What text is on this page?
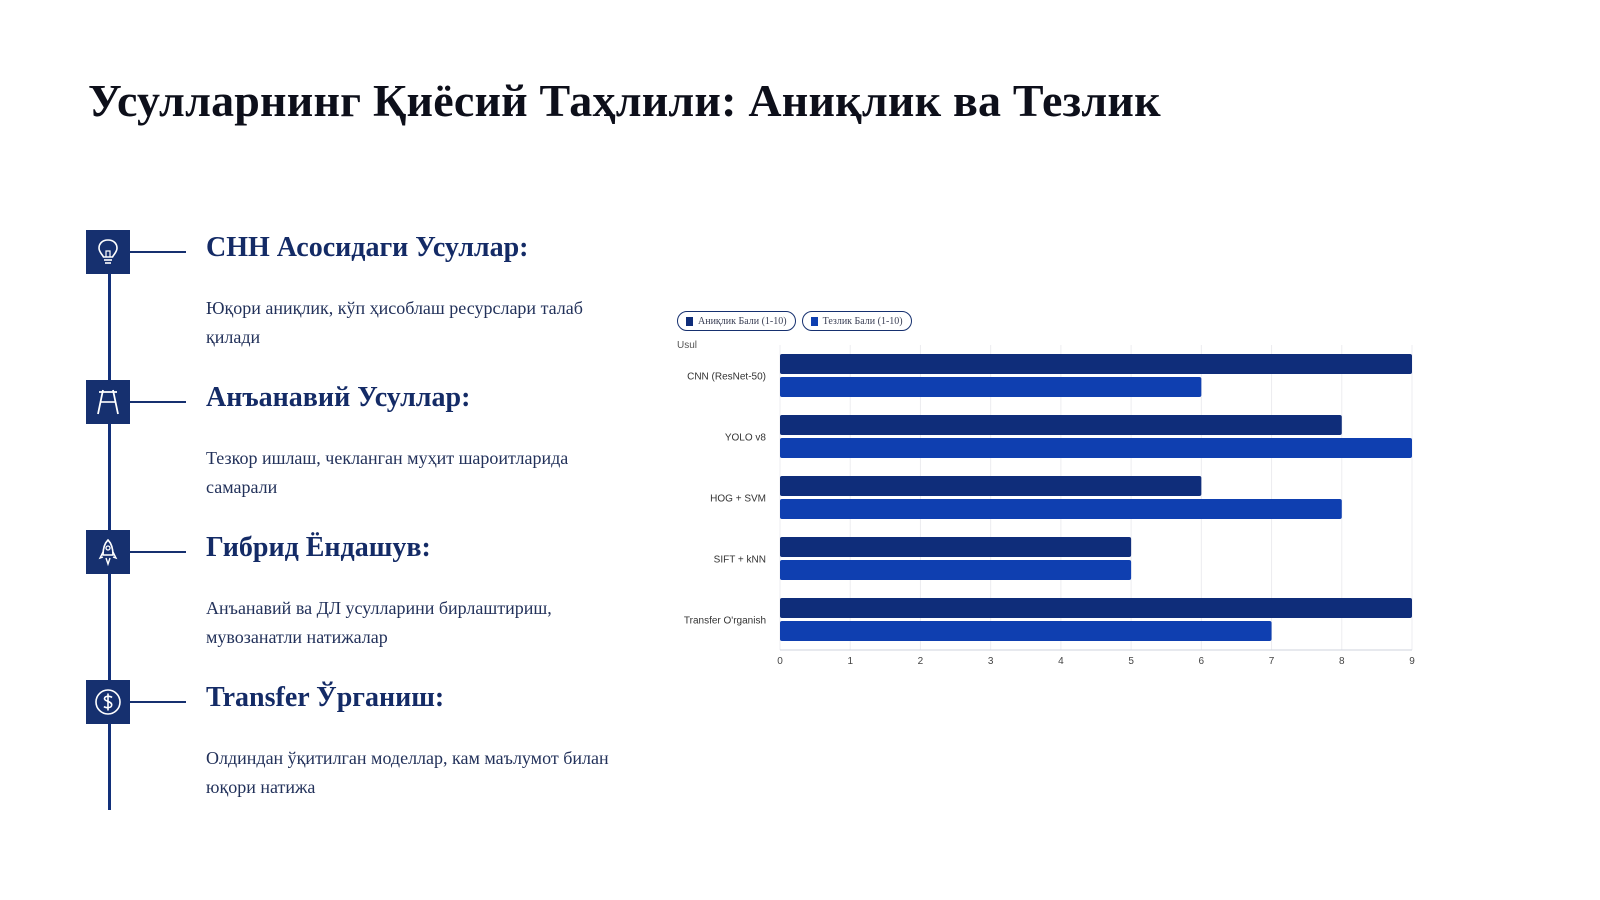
Усулларнинг Қиёсий Таҳлили: Аниқлик ва Тезлик
CНН Асосидаги Усуллар:

Юқори аниқлик, кўп ҳисоблаш ресурслари талаб қилади

Анъанавий Усуллар:

Тезкор ишлаш, чекланган муҳит шароитларида самарали

Гибрид Ёндашув:

Анъанавий ва ДЛ усулларини бирлаштириш, мувозанатли натижалар

Transfer Ўрганиш:

Олдиндан ўқитилган моделлар, кам маълумот билан юқори натижа

Аниқлик Бали (1-10)	Тезлик Бали (1-10)
Usul
0	1	2	3	4	5	6	7	8	9
CNN (ResNet-50)
YOLO v8
HOG + SVM
SIFT + kNN
Transfer O'rganish
